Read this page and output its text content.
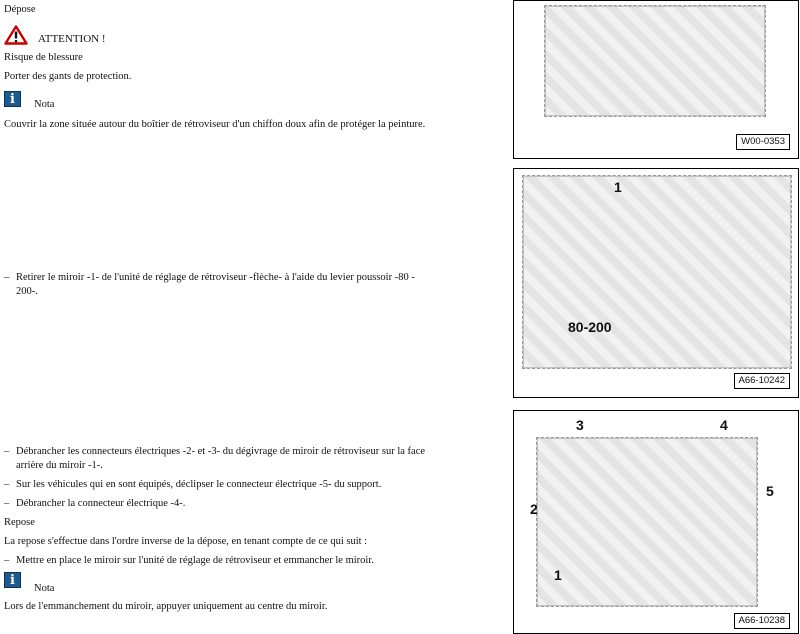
Dépose
ATTENTION !
Risque de blessure
Porter des gants de protection.
i	Nota
Couvrir la zone située autour du boîtier de rétroviseur d'un chiffon doux afin de protéger la peinture.
– Retirer le miroir -1- de l'unité de réglage de rétroviseur -flèche- à l'aide du levier poussoir -80 -
200-.
– Débrancher les connecteurs électriques -2- et -3- du dégivrage de miroir de rétroviseur sur la face
arrière du miroir -1-.
– Sur les véhicules qui en sont équipés, déclipser le connecteur électrique -5- du support.
– Débrancher la connecteur électrique -4-.
Repose
La repose s'effectue dans l'ordre inverse de la dépose, en tenant compte de ce qui suit :
– Mettre en place le miroir sur l'unité de réglage de rétroviseur et emmancher le miroir.
i
Nota
Lors de l'emmanchement du miroir, appuyer uniquement au centre du miroir.
W00-0353
1
80-200
A66-10242
3	4
2
5
1
A66-10238
